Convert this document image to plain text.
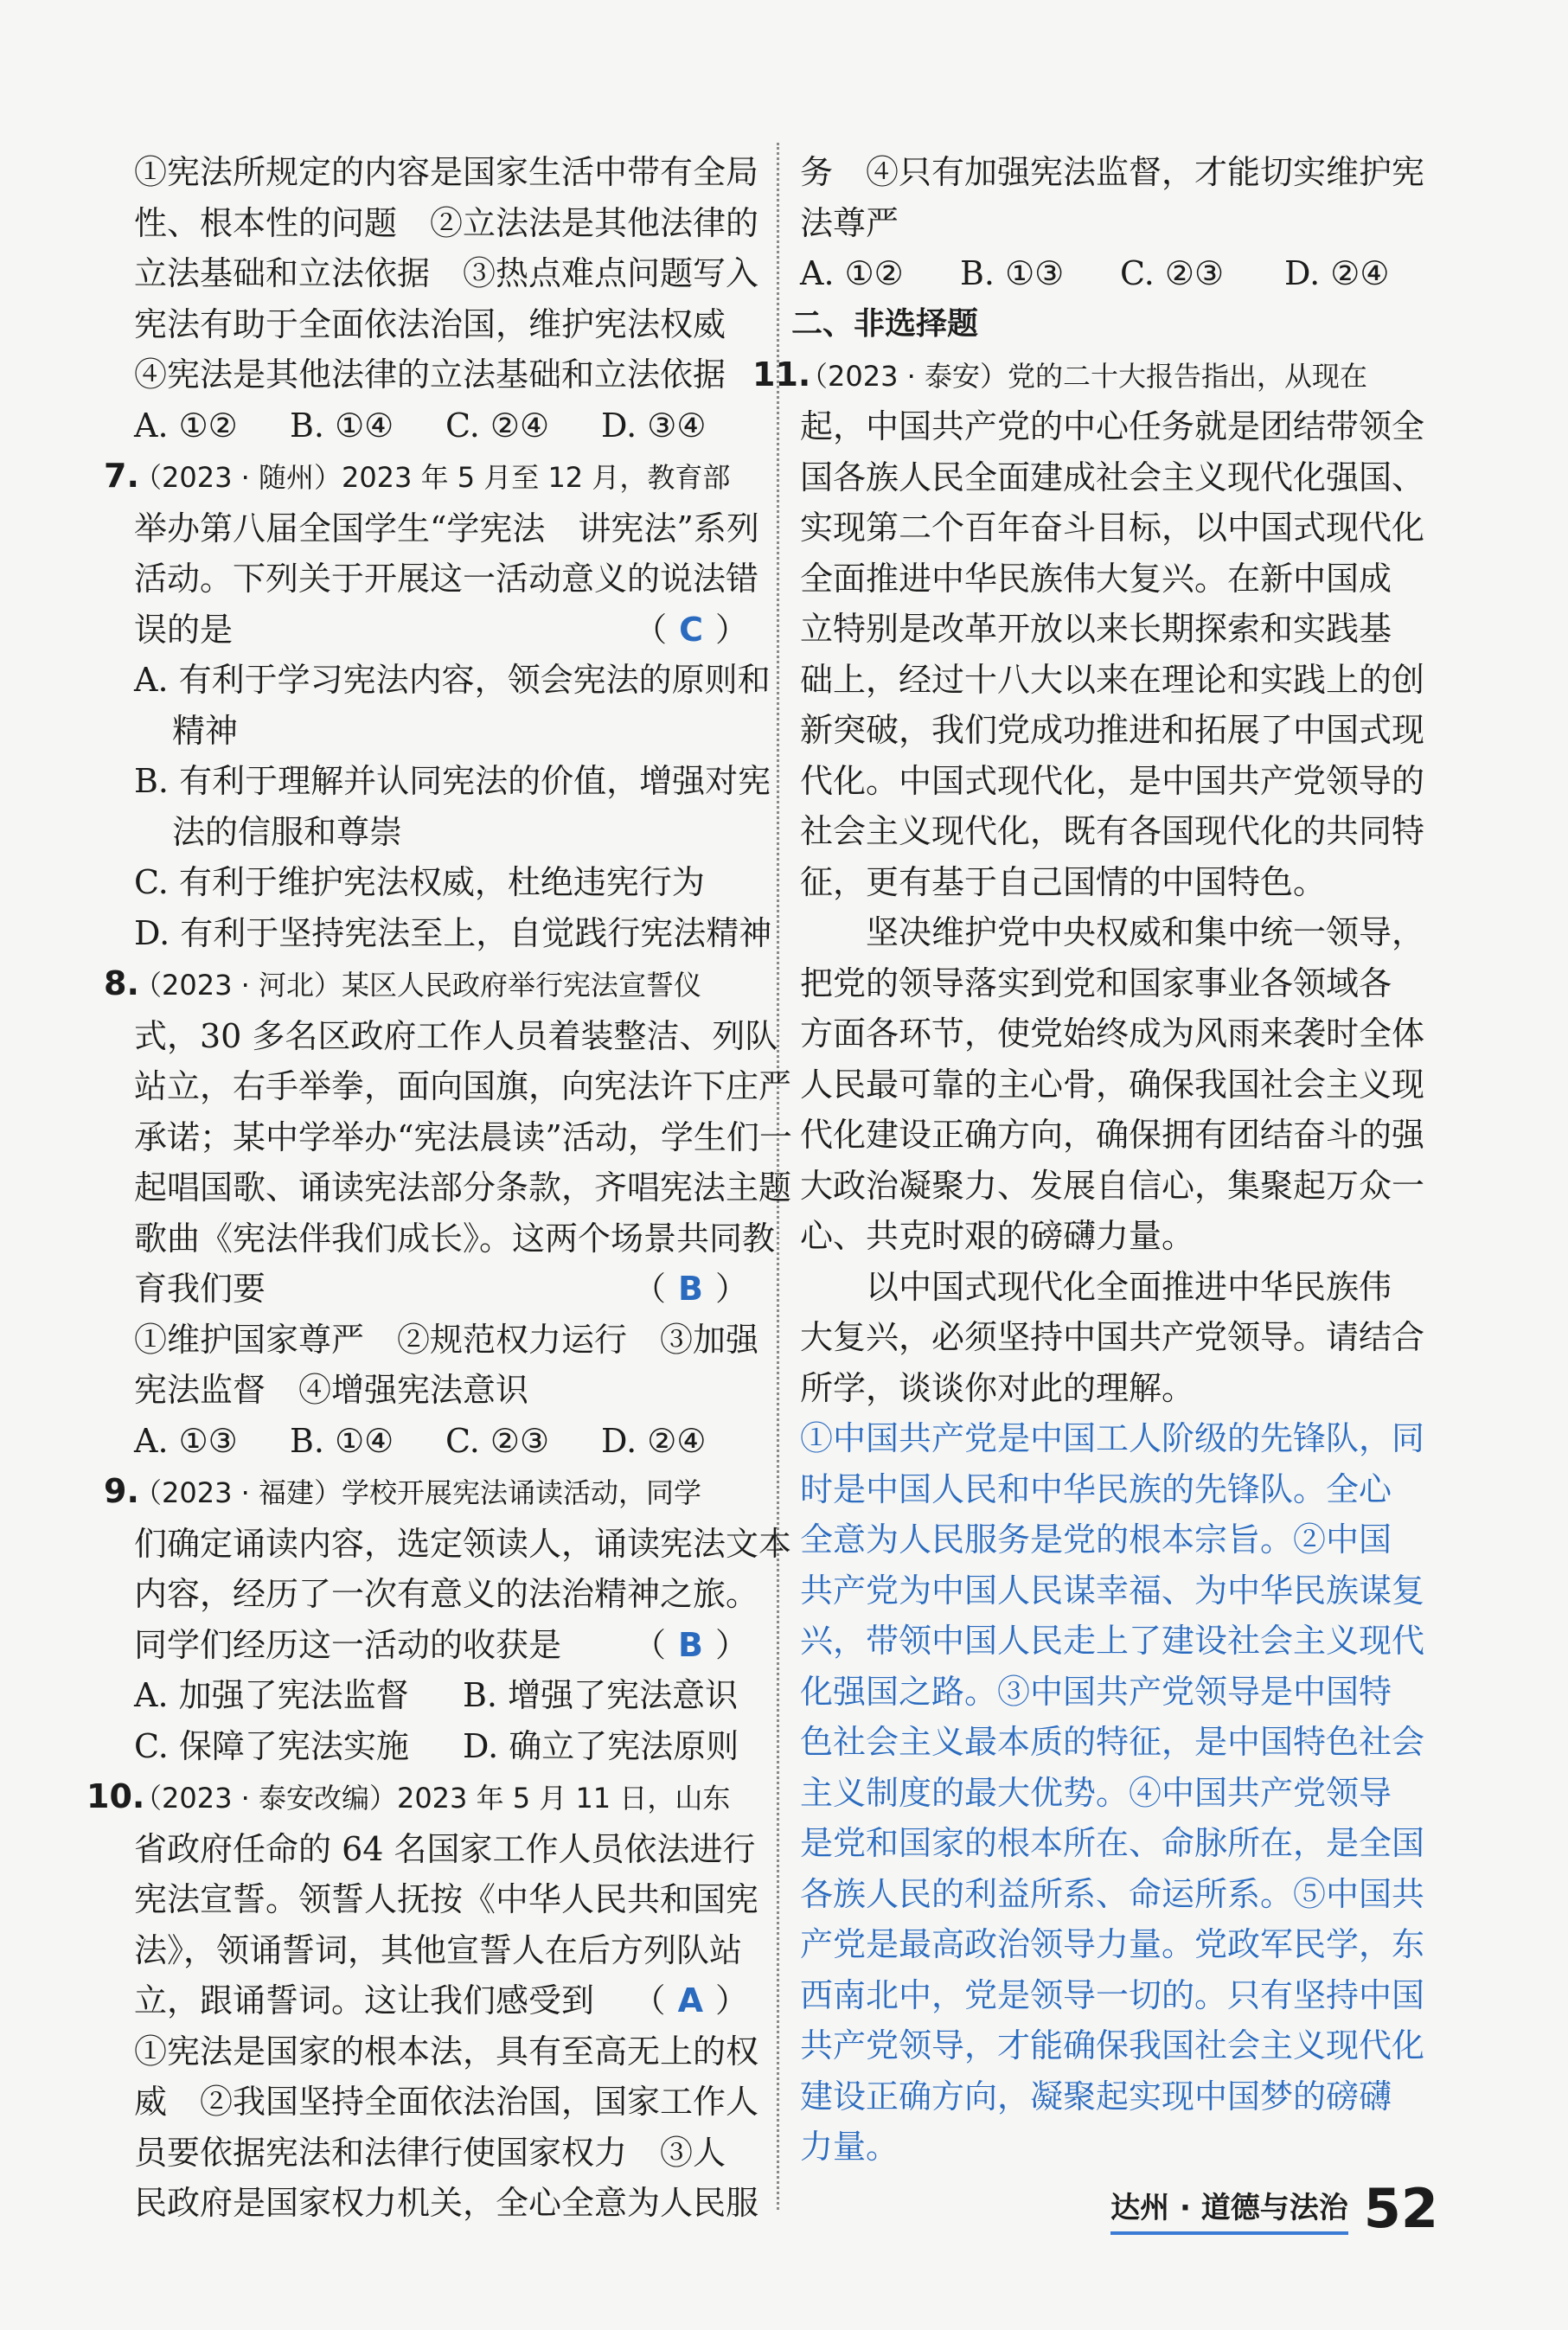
①宪法所规定的内容是国家生活中带有全局
性、根本性的问题　②立法法是其他法律的
立法基础和立法依据　③热点难点问题写入
宪法有助于全面依法治国，维护宪法权威
④宪法是其他法律的立法基础和立法依据
A. ①②	B. ①④	C. ②④	D. ③④
7.（2023 · 随州）2023 年 5 月至 12 月，教育部
举办第八届全国学生“学宪法　讲宪法”系列
活动。下列关于开展这一活动意义的说法错
误的是	（ C ）
A. 有利于学习宪法内容，领会宪法的原则和
精神
B. 有利于理解并认同宪法的价值，增强对宪
法的信服和尊崇
C. 有利于维护宪法权威，杜绝违宪行为
D. 有利于坚持宪法至上，自觉践行宪法精神
8.（2023 · 河北）某区人民政府举行宪法宣誓仪
式，30 多名区政府工作人员着装整洁、列队
站立，右手举拳，面向国旗，向宪法许下庄严
承诺；某中学举办“宪法晨读”活动，学生们一
起唱国歌、诵读宪法部分条款，齐唱宪法主题
歌曲《宪法伴我们成长》。这两个场景共同教
育我们要	（ B ）
①维护国家尊严　②规范权力运行　③加强
宪法监督　④增强宪法意识
A. ①③	B. ①④	C. ②③	D. ②④
9.（2023 · 福建）学校开展宪法诵读活动，同学
们确定诵读内容，选定领读人，诵读宪法文本
内容，经历了一次有意义的法治精神之旅。
同学们经历这一活动的收获是 （ B ）
A. 加强了宪法监督	B. 增强了宪法意识
C. 保障了宪法实施	D. 确立了宪法原则
10.（2023 · 泰安改编）2023 年 5 月 11 日，山东
省政府任命的 64 名国家工作人员依法进行
宪法宣誓。领誓人抚按《中华人民共和国宪
法》，领诵誓词，其他宣誓人在后方列队站
立，跟诵誓词。这让我们感受到 （ A ）
①宪法是国家的根本法，具有至高无上的权
威　②我国坚持全面依法治国，国家工作人
员要依据宪法和法律行使国家权力　③人
民政府是国家权力机关，全心全意为人民服
务　④只有加强宪法监督，才能切实维护宪
法尊严
A. ①②	B. ①③	C. ②③	D. ②④
二、非选择题
11.（2023 · 泰安）党的二十大报告指出，从现在
起，中国共产党的中心任务就是团结带领全
国各族人民全面建成社会主义现代化强国、
实现第二个百年奋斗目标，以中国式现代化
全面推进中华民族伟大复兴。在新中国成
立特别是改革开放以来长期探索和实践基
础上，经过十八大以来在理论和实践上的创
新突破，我们党成功推进和拓展了中国式现
代化。中国式现代化，是中国共产党领导的
社会主义现代化，既有各国现代化的共同特
征，更有基于自己国情的中国特色。
坚决维护党中央权威和集中统一领导，
把党的领导落实到党和国家事业各领域各
方面各环节，使党始终成为风雨来袭时全体
人民最可靠的主心骨，确保我国社会主义现
代化建设正确方向，确保拥有团结奋斗的强
大政治凝聚力、发展自信心，集聚起万众一
心、共克时艰的磅礴力量。
以中国式现代化全面推进中华民族伟
大复兴，必须坚持中国共产党领导。请结合
所学，谈谈你对此的理解。
①中国共产党是中国工人阶级的先锋队，同
时是中国人民和中华民族的先锋队。全心
全意为人民服务是党的根本宗旨。②中国
共产党为中国人民谋幸福、为中华民族谋复
兴，带领中国人民走上了建设社会主义现代
化强国之路。③中国共产党领导是中国特
色社会主义最本质的特征，是中国特色社会
主义制度的最大优势。④中国共产党领导
是党和国家的根本所在、命脉所在，是全国
各族人民的利益所系、命运所系。⑤中国共
产党是最高政治领导力量。党政军民学，东
西南北中，党是领导一切的。只有坚持中国
共产党领导，才能确保我国社会主义现代化
建设正确方向，凝聚起实现中国梦的磅礴
力量。
达州 · 道德与法治 52
